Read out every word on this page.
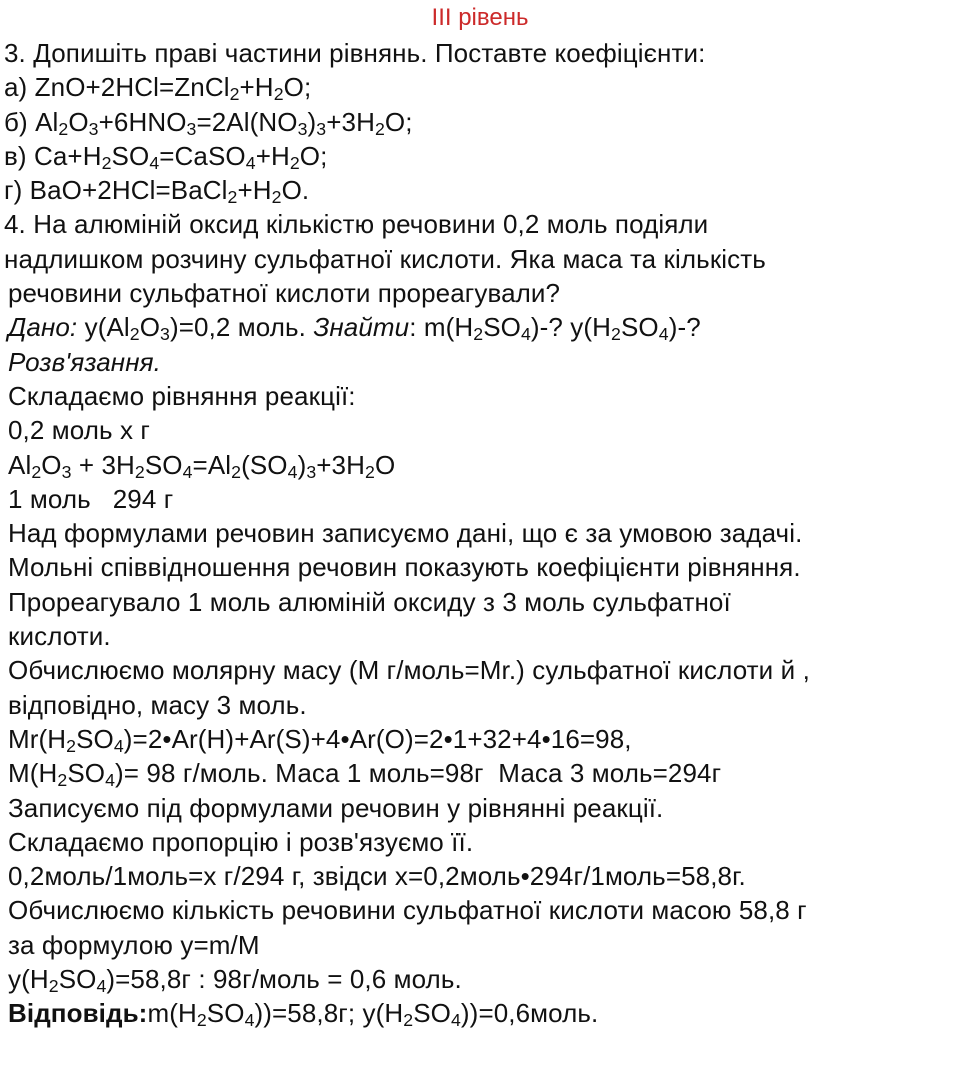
III рівень
3. Допишіть праві частини рівнянь. Поставте коефіцієнти:
а) $ZnO+2HCl=ZnCl_2+H_2O$;
б) $Al_2O_3+6HNO_3=2Al(NO_3)_3+3H_2O$;
в) $Ca+H_2SO_4=CaSO_4+H_2O$;
г) $BaO+2HCl=BaCl_2+H_2O$.
4. На алюміній оксид кількістю речовини 0,2 моль подіяли
надлишком розчину сульфатної кислоти. Яка маса та кількість
речовини сульфатної кислоти прореагували?
Дано: $y(Al_2O_3)=0,2$ моль. Знайти: $m(H_2SO_4)-$? $y(H_2SO_4)-$?
Розв'язання.
Складаємо рівняння реакції:
0,2 моль х г
$Al_2O_3 + 3H_2SO_4=Al_2(SO_4)_3+3H_2O$
1 моль   294 г
Над формулами речовин записуємо дані, що є за умовою задачі.
Мольні співвідношення речовин показують коефіцієнти рівняння.
Прореагувало 1 моль алюміній оксиду з 3 моль сульфатної
кислоти.
Обчислюємо молярну масу (М г/моль=Mr.) сульфатної кислоти й ,
відповідно, масу 3 моль.
$Mr(H_2SO_4)=2•Ar(H)+Ar(S)+4•Ar(O)=2•1+32+4•16=98$,
$M(H_2SO_4)= 98$ г/моль. Маса 1 моль=98г  Маса 3 моль=294г
Записуємо під формулами речовин у рівнянні реакції.
Складаємо пропорцію і розв'язуємо її.
0,2моль/1моль=х г/294 г, звідси х=0,2моль•294г/1моль=58,8г.
Обчислюємо кількість речовини сульфатної кислоти масою 58,8 г
за формулою y=m/M
$y(H_2SO_4)=58,8г$ : 98г/моль = 0,6 моль.
$Відповідь:m(H_2SO_4))=58,8г$; $y(H_2SO_4))=0,6моль$.
